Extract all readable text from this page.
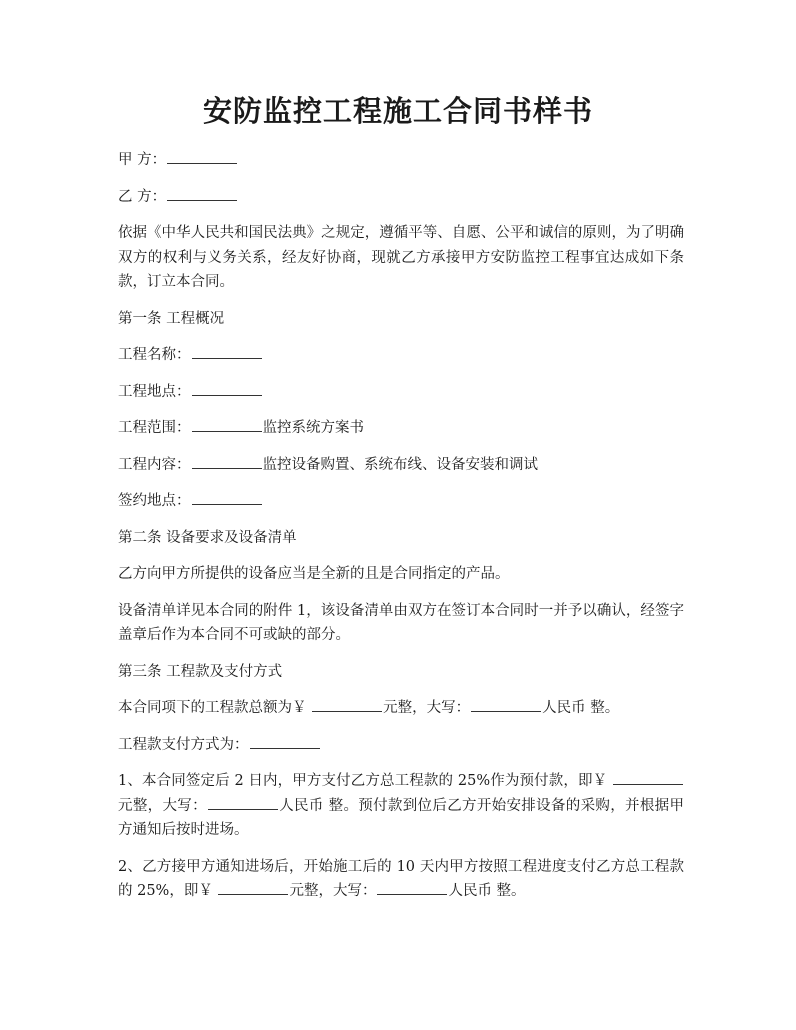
安防监控工程施工合同书样书

甲 方：

乙 方：

依据《中华人民共和国民法典》之规定，遵循平等、自愿、公平和诚信的原则，为了明确双方的权利与义务关系，经友好协商，现就乙方承接甲方安防监控工程事宜达成如下条款，订立本合同。

第一条 工程概况

工程名称：

工程地点：

工程范围：	监控系统方案书

工程内容：	监控设备购置、系统布线、设备安装和调试

签约地点：

第二条 设备要求及设备清单

乙方向甲方所提供的设备应当是全新的且是合同指定的产品。

设备清单详见本合同的附件 1，该设备清单由双方在签订本合同时一并予以确认，经签字盖章后作为本合同不可或缺的部分。

第三条 工程款及支付方式

本合同项下的工程款总额为￥	元整，大写：	人民币 整。

工程款支付方式为：

1、本合同签定后 2 日内，甲方支付乙方总工程款的 25%作为预付款，即￥ 元整，大写：	人民币 整。预付款到位后乙方开始安排设备的采购，并根据甲方通知后按时进场。

2、乙方接甲方通知进场后，开始施工后的 10 天内甲方按照工程进度支付乙方总工程款的 25%，即￥	元整，大写：	人民币 整。
